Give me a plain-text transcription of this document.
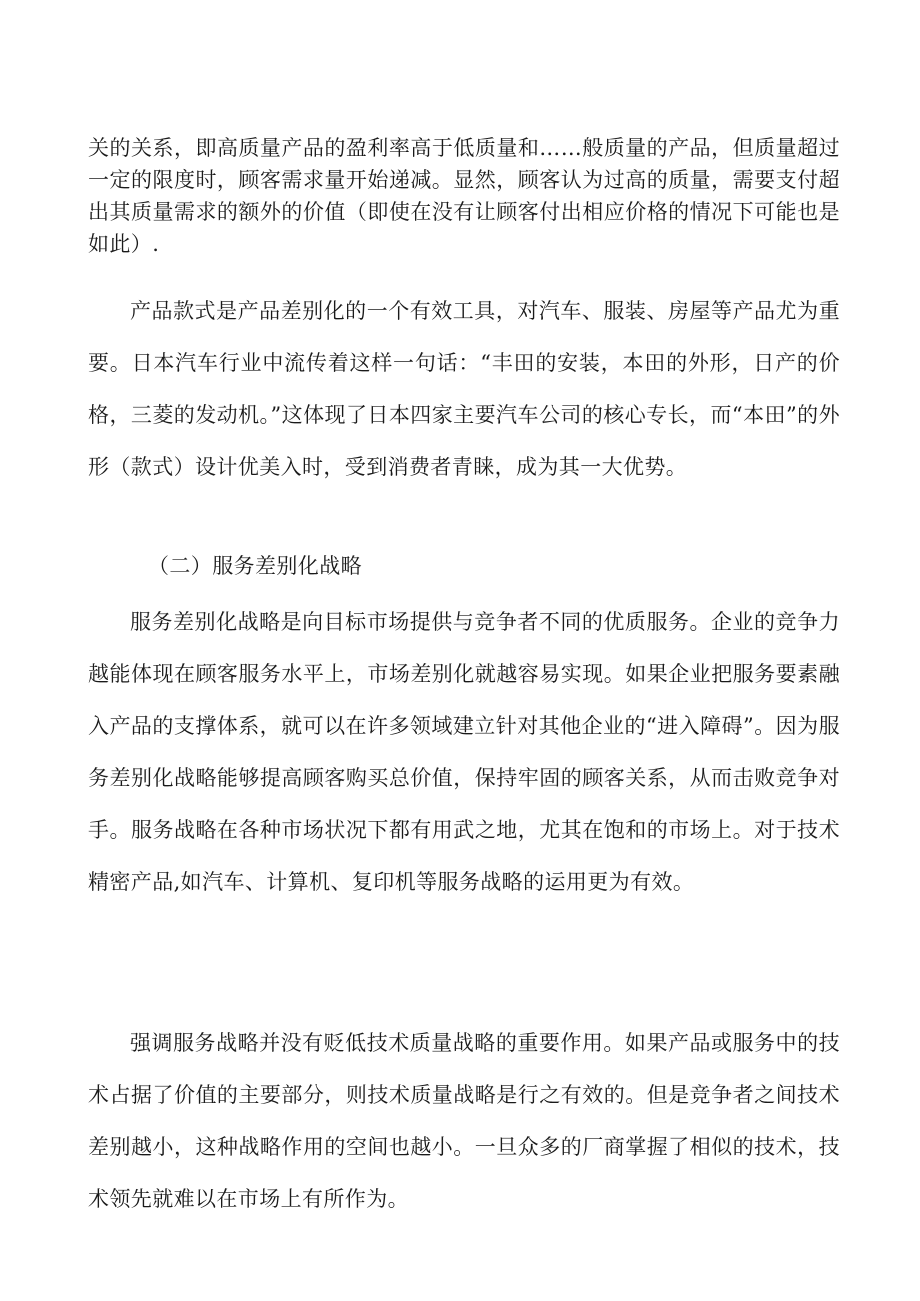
关的关系，即高质量产品的盈利率高于低质量和……般质量的产品，但质量超过一定的限度时，顾客需求量开始递减。显然，顾客认为过高的质量，需要支付超出其质量需求的额外的价值（即使在没有让顾客付出相应价格的情况下可能也是如此）.

产品款式是产品差别化的一个有效工具，对汽车、服装、房屋等产品尤为重要。日本汽车行业中流传着这样一句话：“丰田的安装，本田的外形，日产的价格，三菱的发动机。”这体现了日本四家主要汽车公司的核心专长，而“本田”的外形（款式）设计优美入时，受到消费者青睐，成为其一大优势。

（二）服务差别化战略

服务差别化战略是向目标市场提供与竞争者不同的优质服务。企业的竞争力越能体现在顾客服务水平上，市场差别化就越容易实现。如果企业把服务要素融入产品的支撑体系，就可以在许多领域建立针对其他企业的“进入障碍”。因为服务差别化战略能够提高顾客购买总价值，保持牢固的顾客关系，从而击败竞争对手。服务战略在各种市场状况下都有用武之地，尤其在饱和的市场上。对于技术精密产品,如汽车、计算机、复印机等服务战略的运用更为有效。

强调服务战略并没有贬低技术质量战略的重要作用。如果产品或服务中的技术占据了价值的主要部分，则技术质量战略是行之有效的。但是竞争者之间技术差别越小，这种战略作用的空间也越小。一旦众多的厂商掌握了相似的技术，技术领先就难以在市场上有所作为。
